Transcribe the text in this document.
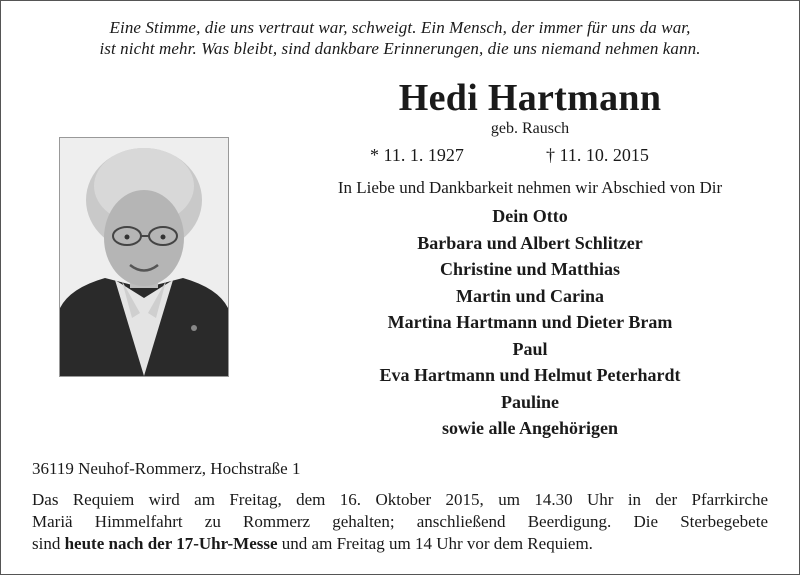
Eine Stimme, die uns vertraut war, schweigt. Ein Mensch, der immer für uns da war,
ist nicht mehr. Was bleibt, sind dankbare Erinnerungen, die uns niemand nehmen kann.
Hedi Hartmann
geb. Rausch
* 11. 1. 1927	† 11. 10. 2015
In Liebe und Dankbarkeit nehmen wir Abschied von Dir
Dein Otto
Barbara und Albert Schlitzer
Christine und Matthias
Martin und Carina
Martina Hartmann und Dieter Bram
Paul
Eva Hartmann und Helmut Peterhardt
Pauline
sowie alle Angehörigen
36119 Neuhof-Rommerz, Hochstraße 1
Das Requiem wird am Freitag, dem 16. Oktober 2015, um 14.30 Uhr in der Pfarrkirche
Mariä Himmelfahrt zu Rommerz gehalten; anschließend Beerdigung. Die Sterbegebete
sind heute nach der 17-Uhr-Messe und am Freitag um 14 Uhr vor dem Requiem.
